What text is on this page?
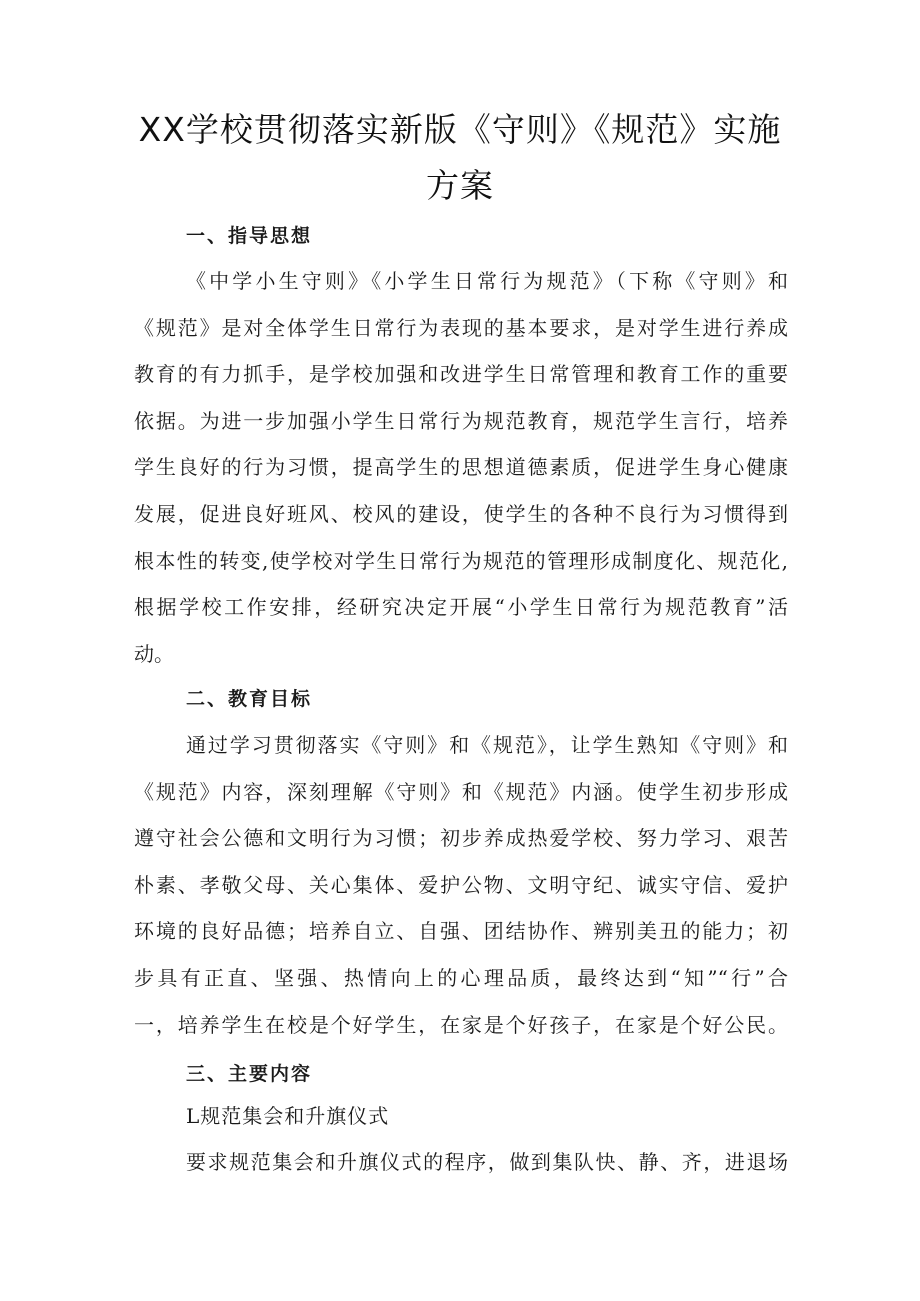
XX学校贯彻落实新版《守则》《规范》实施
方案
一、指导思想
《中学小生守则》《小学生日常行为规范》（下称《守则》和
《规范》是对全体学生日常行为表现的基本要求，是对学生进行养成
教育的有力抓手，是学校加强和改进学生日常管理和教育工作的重要
依据。为进一步加强小学生日常行为规范教育，规范学生言行，培养
学生良好的行为习惯，提高学生的思想道德素质，促进学生身心健康
发展，促进良好班风、校风的建设，使学生的各种不良行为习惯得到
根本性的转变,使学校对学生日常行为规范的管理形成制度化、规范化,
根据学校工作安排，经研究决定开展“小学生日常行为规范教育”活
动。
二、教育目标
通过学习贯彻落实《守则》和《规范》，让学生熟知《守则》和
《规范》内容，深刻理解《守则》和《规范》内涵。使学生初步形成
遵守社会公德和文明行为习惯；初步养成热爱学校、努力学习、艰苦
朴素、孝敬父母、关心集体、爱护公物、文明守纪、诚实守信、爱护
环境的良好品德；培养自立、自强、团结协作、辨别美丑的能力；初
步具有正直、坚强、热情向上的心理品质，最终达到“知”“行”合
一，培养学生在校是个好学生，在家是个好孩子，在家是个好公民。
三、主要内容
L规范集会和升旗仪式

要求规范集会和升旗仪式的程序，做到集队快、静、齐，进退场
